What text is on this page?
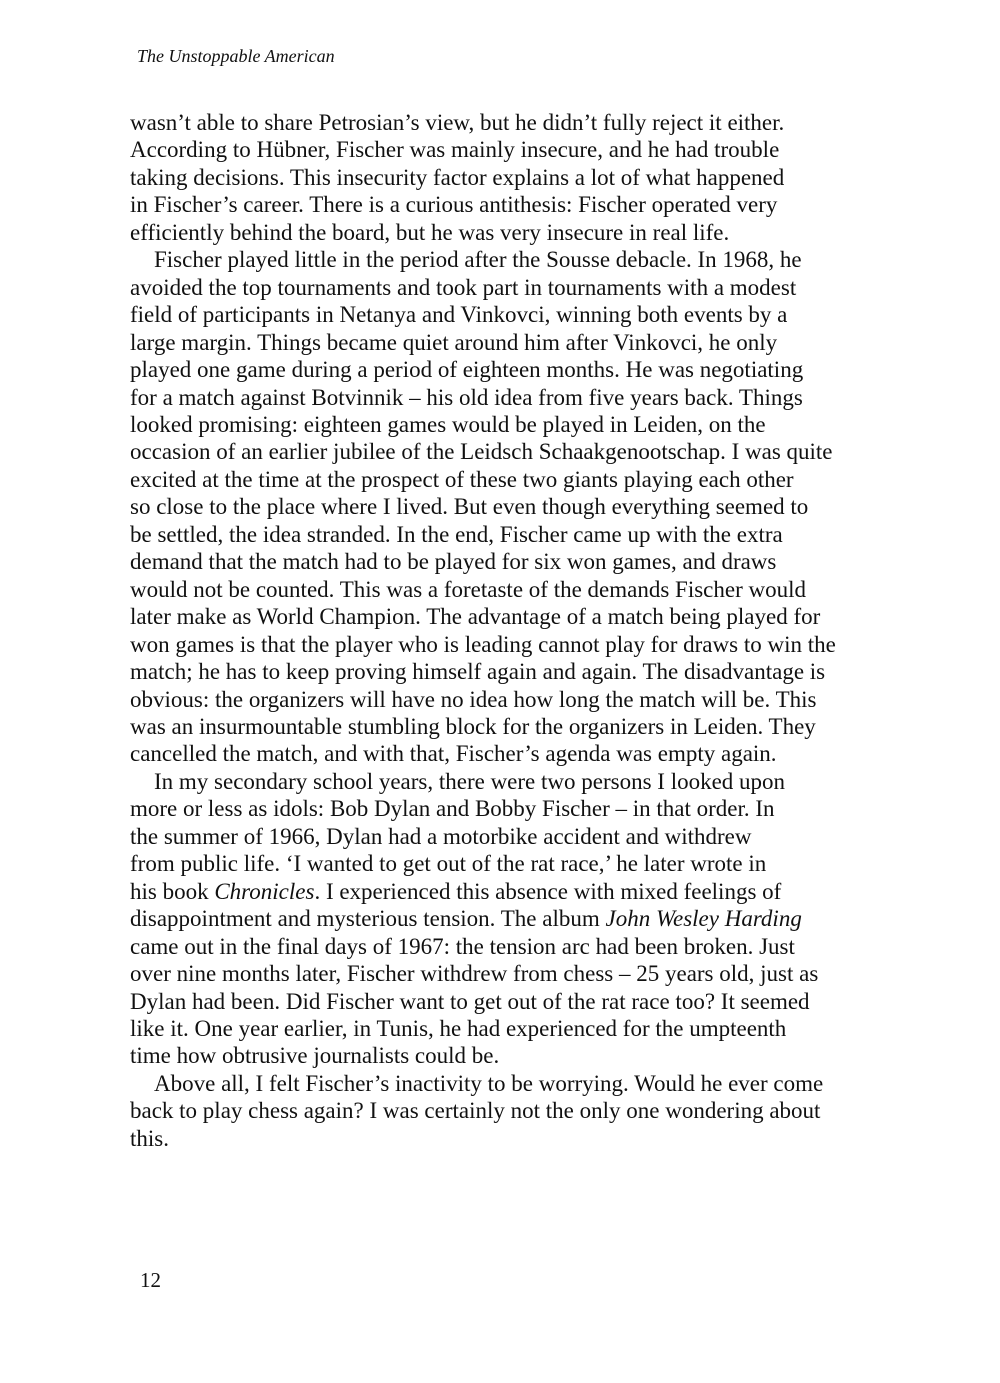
The Unstoppable American
wasn’t able to share Petrosian’s view, but he didn’t fully reject it either.
According to Hübner, Fischer was mainly insecure, and he had trouble
taking decisions. This insecurity factor explains a lot of what happened
in Fischer’s career. There is a curious antithesis: Fischer operated very
efficiently behind the board, but he was very insecure in real life.
Fischer played little in the period after the Sousse debacle. In 1968, he
avoided the top tournaments and took part in tournaments with a modest
field of participants in Netanya and Vinkovci, winning both events by a
large margin. Things became quiet around him after Vinkovci, he only
played one game during a period of eighteen months. He was negotiating
for a match against Botvinnik – his old idea from five years back. Things
looked promising: eighteen games would be played in Leiden, on the
occasion of an earlier jubilee of the Leidsch Schaakgenootschap. I was quite
excited at the time at the prospect of these two giants playing each other
so close to the place where I lived. But even though everything seemed to
be settled, the idea stranded. In the end, Fischer came up with the extra
demand that the match had to be played for six won games, and draws
would not be counted. This was a foretaste of the demands Fischer would
later make as World Champion. The advantage of a match being played for
won games is that the player who is leading cannot play for draws to win the
match; he has to keep proving himself again and again. The disadvantage is
obvious: the organizers will have no idea how long the match will be. This
was an insurmountable stumbling block for the organizers in Leiden. They
cancelled the match, and with that, Fischer’s agenda was empty again.
In my secondary school years, there were two persons I looked upon
more or less as idols: Bob Dylan and Bobby Fischer – in that order. In
the summer of 1966, Dylan had a motorbike accident and withdrew
from public life. ‘I wanted to get out of the rat race,’ he later wrote in
his book Chronicles. I experienced this absence with mixed feelings of
disappointment and mysterious tension. The album John Wesley Harding
came out in the final days of 1967: the tension arc had been broken. Just
over nine months later, Fischer withdrew from chess – 25 years old, just as
Dylan had been. Did Fischer want to get out of the rat race too? It seemed
like it. One year earlier, in Tunis, he had experienced for the umpteenth
time how obtrusive journalists could be.
Above all, I felt Fischer’s inactivity to be worrying. Would he ever come
back to play chess again? I was certainly not the only one wondering about
this.
12
